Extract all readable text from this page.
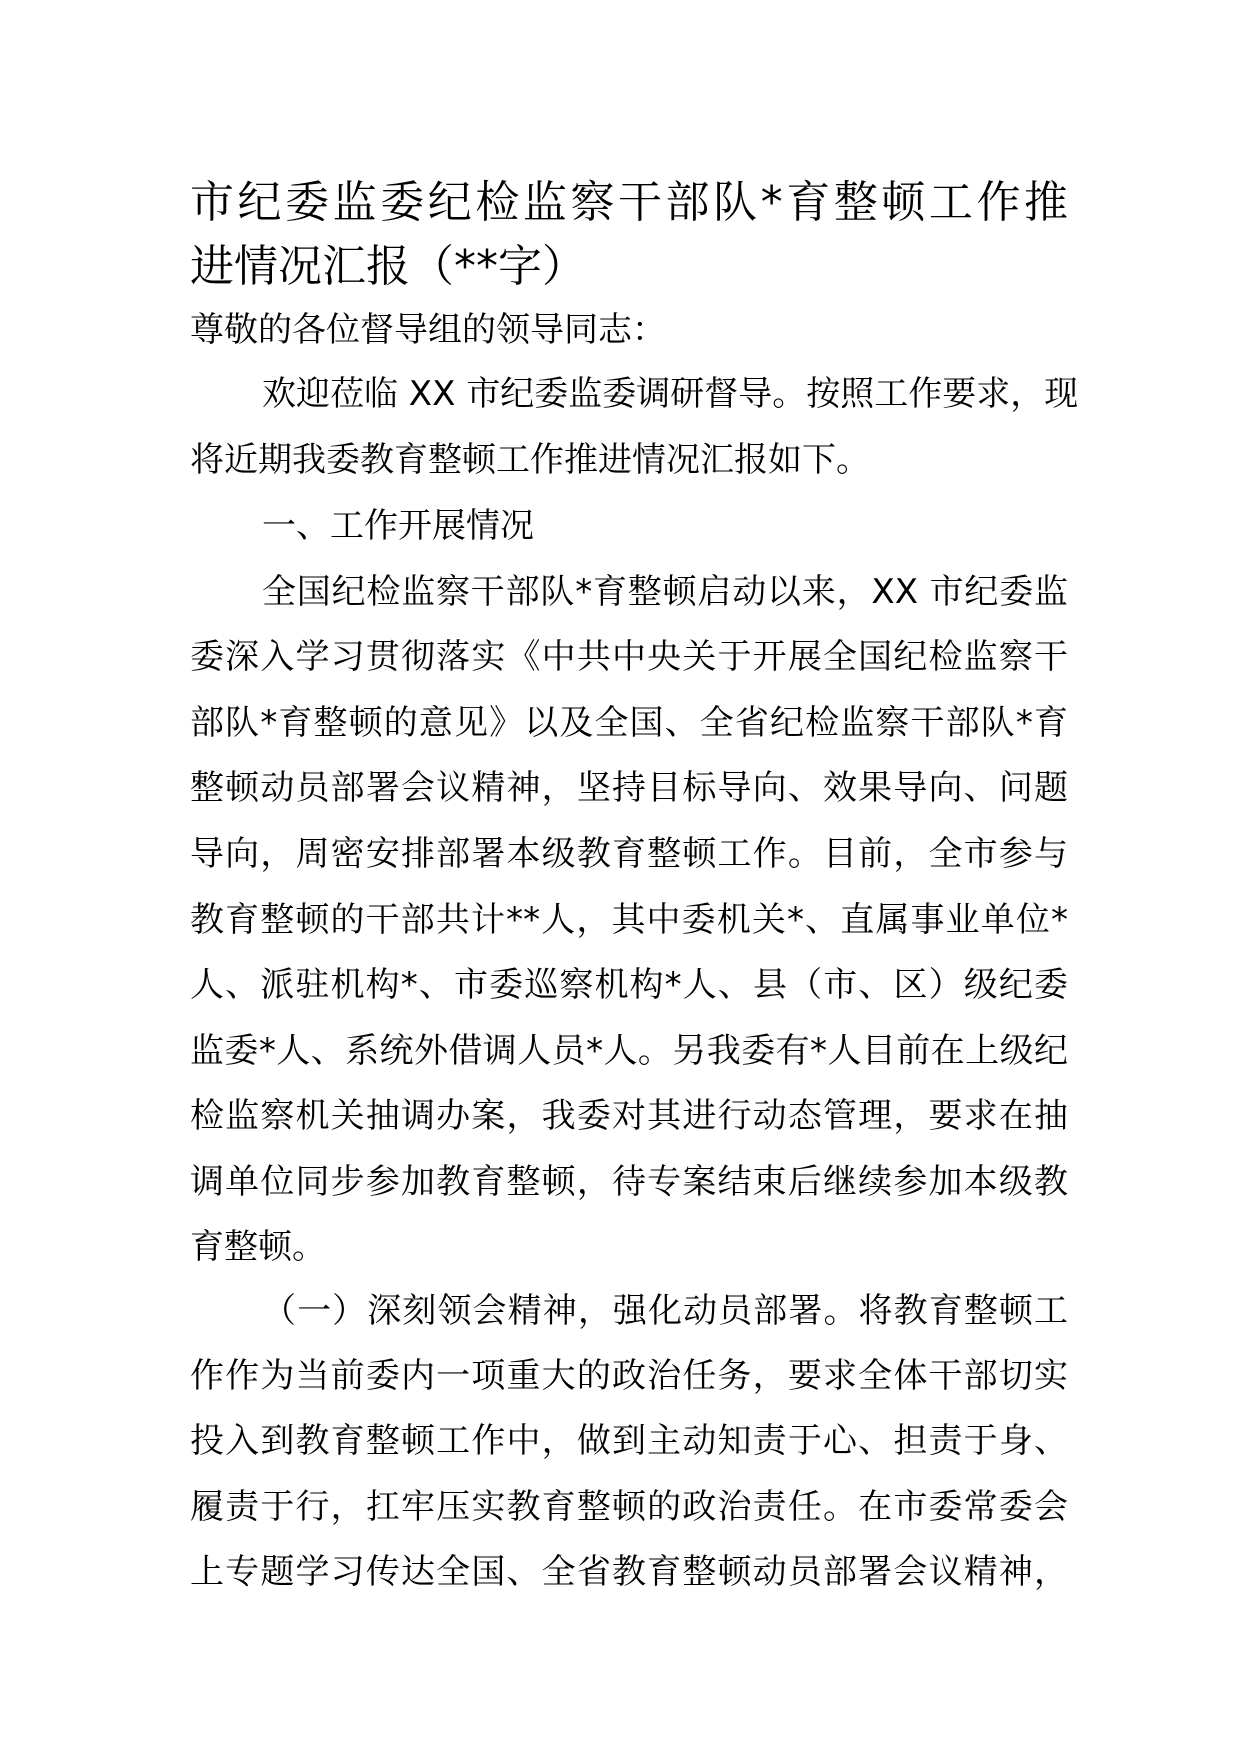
市纪委监委纪检监察干部队*育整顿工作推
进情况汇报（**字）
尊敬的各位督导组的领导同志：
欢迎莅临 XX 市纪委监委调研督导。按照工作要求，现
将近期我委教育整顿工作推进情况汇报如下。
一、工作开展情况
全国纪检监察干部队*育整顿启动以来，XX 市纪委监
委深入学习贯彻落实《中共中央关于开展全国纪检监察干
部队*育整顿的意见》以及全国、全省纪检监察干部队*育
整顿动员部署会议精神，坚持目标导向、效果导向、问题
导向，周密安排部署本级教育整顿工作。目前，全市参与
教育整顿的干部共计**人，其中委机关*、直属事业单位*
人、派驻机构*、市委巡察机构*人、县（市、区）级纪委
监委*人、系统外借调人员*人。另我委有*人目前在上级纪
检监察机关抽调办案，我委对其进行动态管理，要求在抽
调单位同步参加教育整顿，待专案结束后继续参加本级教
育整顿。
（一）深刻领会精神，强化动员部署。将教育整顿工
作作为当前委内一项重大的政治任务，要求全体干部切实
投入到教育整顿工作中，做到主动知责于心、担责于身、
履责于行，扛牢压实教育整顿的政治责任。在市委常委会
上专题学习传达全国、全省教育整顿动员部署会议精神，
